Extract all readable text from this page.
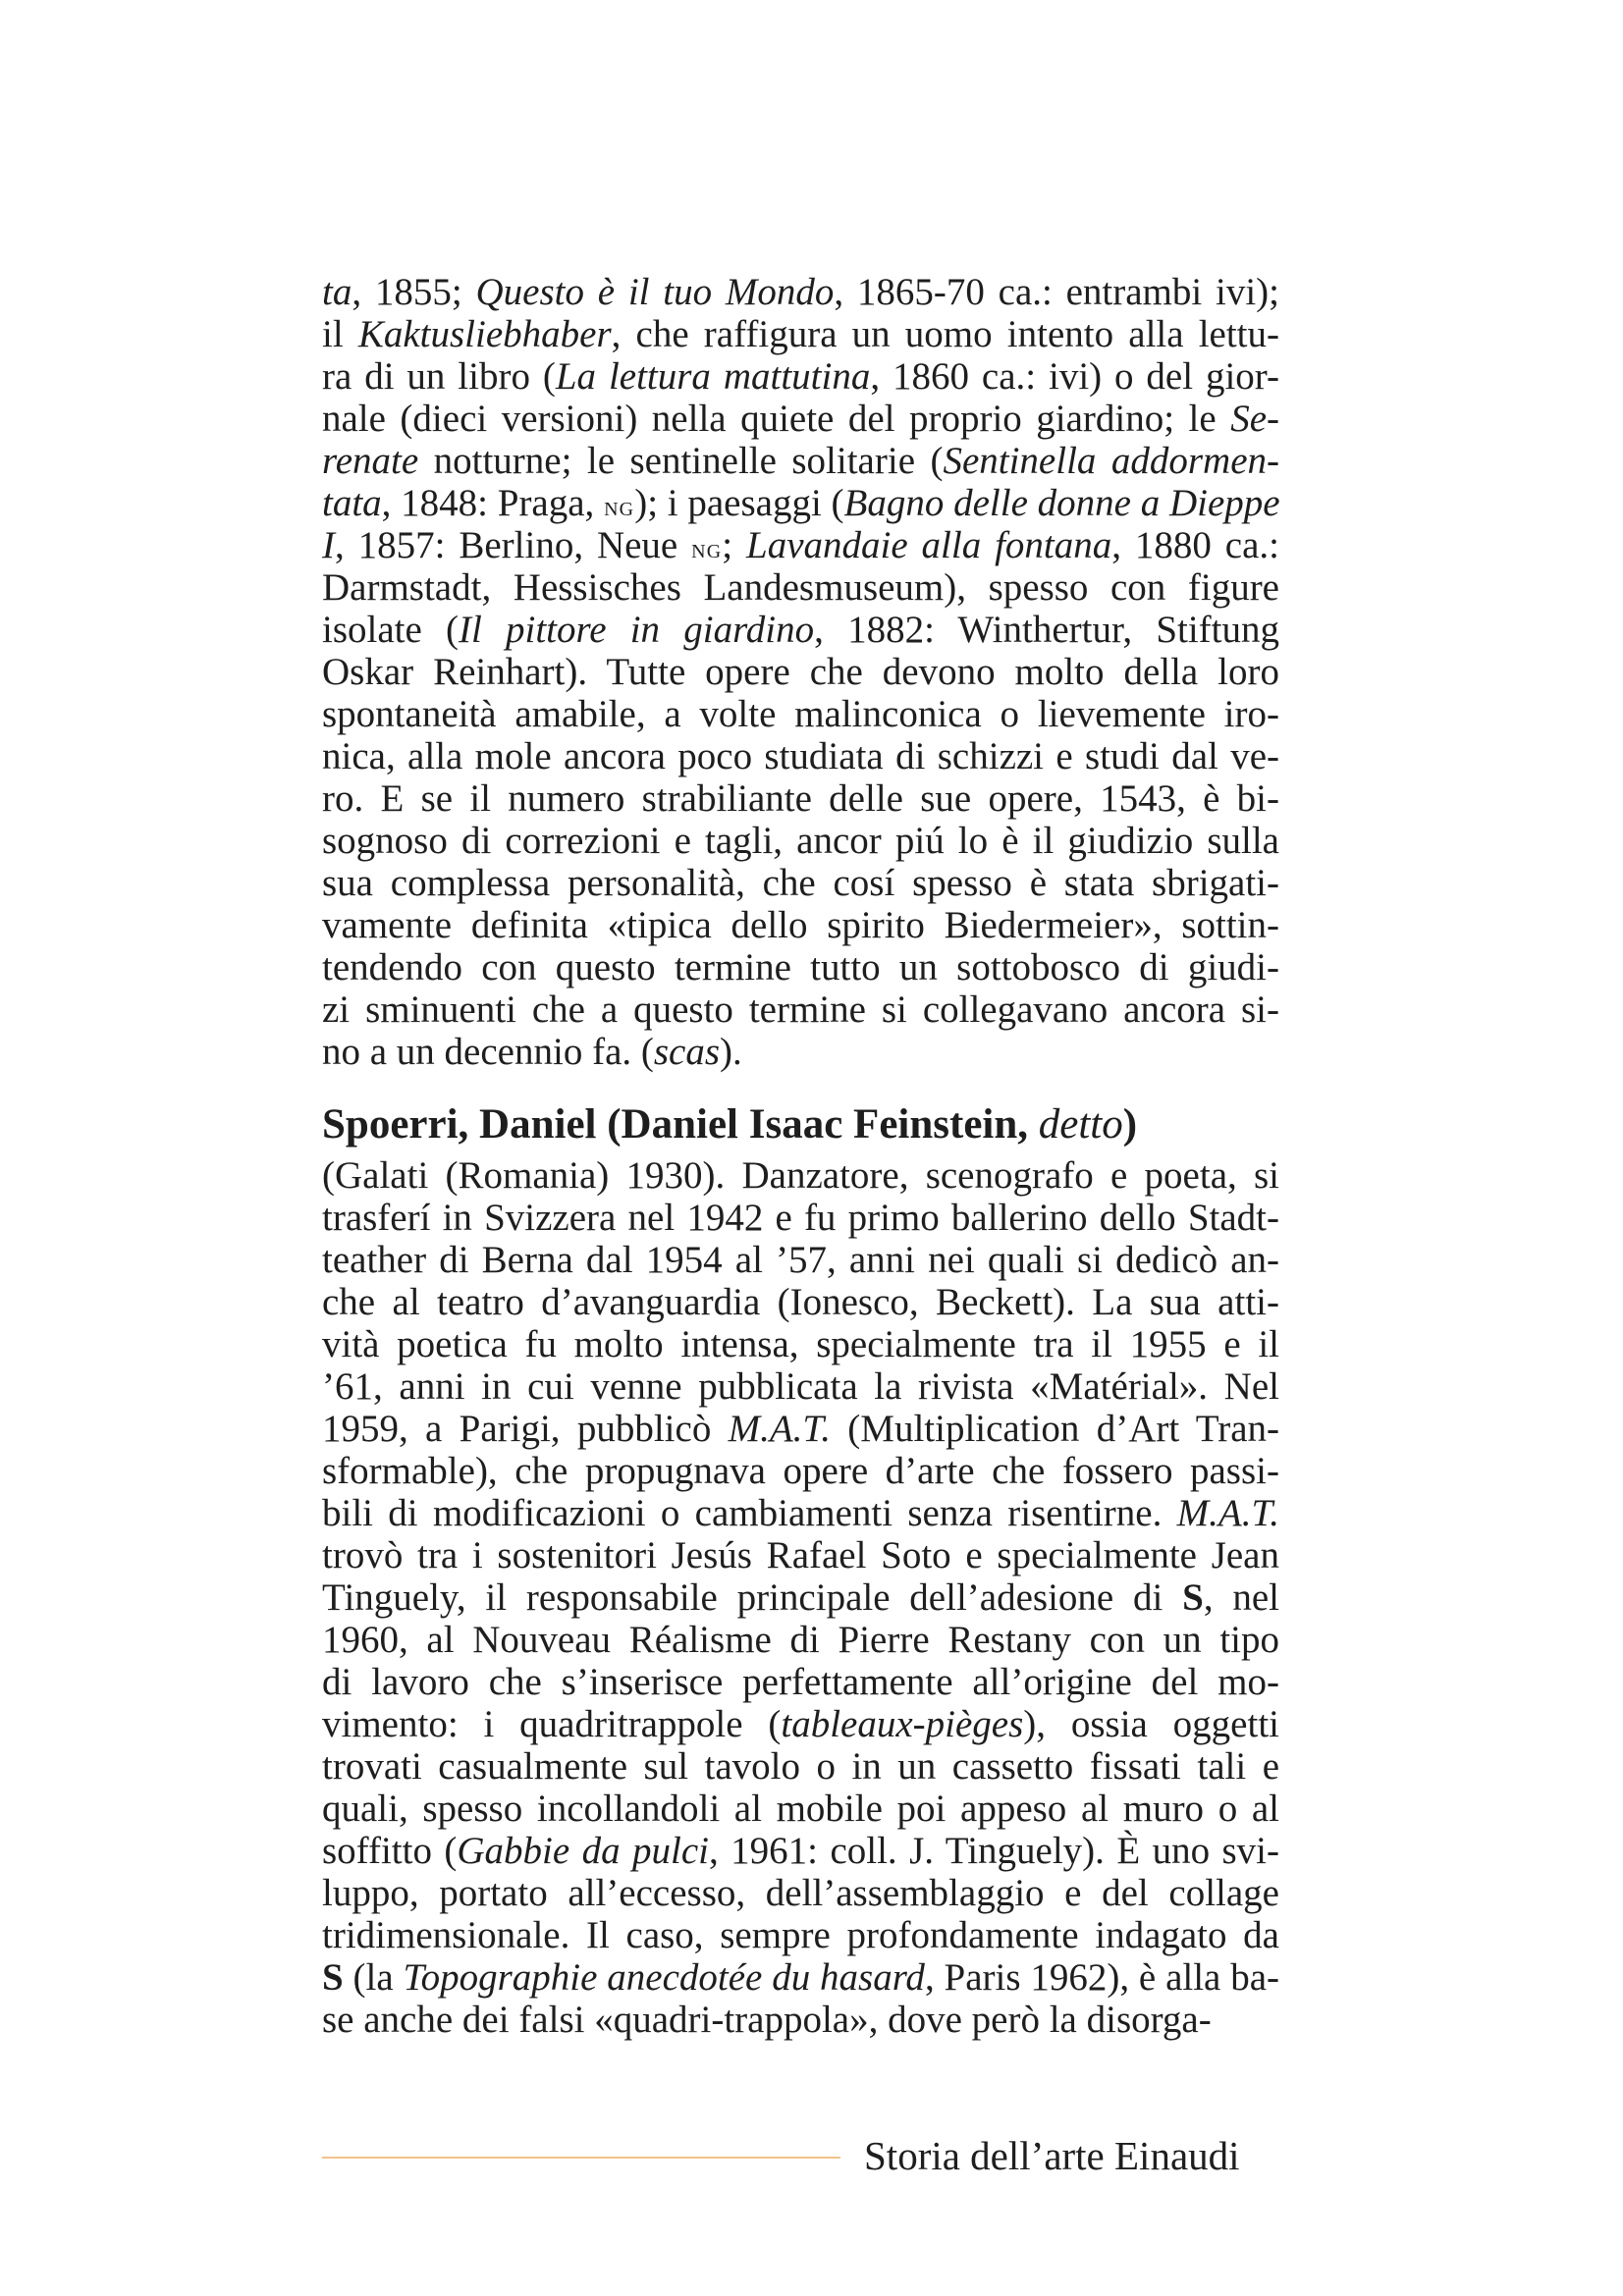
ta, 1855; Questo è il tuo Mondo, 1865-70 ca.: entrambi ivi);
il Kaktusliebhaber, che raffigura un uomo intento alla lettu-
ra di un libro (La lettura mattutina, 1860 ca.: ivi) o del gior-
nale (dieci versioni) nella quiete del proprio giardino; le Se-
renate notturne; le sentinelle solitarie (Sentinella addormen-
tata, 1848: Praga, ng); i paesaggi (Bagno delle donne a Dieppe
I, 1857: Berlino, Neue ng; Lavandaie alla fontana, 1880 ca.:
Darmstadt, Hessisches Landesmuseum), spesso con figure
isolate (Il pittore in giardino, 1882: Winthertur, Stiftung
Oskar Reinhart). Tutte opere che devono molto della loro
spontaneità amabile, a volte malinconica o lievemente iro-
nica, alla mole ancora poco studiata di schizzi e studi dal ve-
ro. E se il numero strabiliante delle sue opere, 1543, è bi-
sognoso di correzioni e tagli, ancor piú lo è il giudizio sulla
sua complessa personalità, che cosí spesso è stata sbrigati-
vamente definita «tipica dello spirito Biedermeier», sottin-
tendendo con questo termine tutto un sottobosco di giudi-
zi sminuenti che a questo termine si collegavano ancora si-
no a un decennio fa. (scas).
Spoerri, Daniel (Daniel Isaac Feinstein, detto)
(Galati (Romania) 1930). Danzatore, scenografo e poeta, si
trasferí in Svizzera nel 1942 e fu primo ballerino dello Stadt-
teather di Berna dal 1954 al ’57, anni nei quali si dedicò an-
che al teatro d’avanguardia (Ionesco, Beckett). La sua atti-
vità poetica fu molto intensa, specialmente tra il 1955 e il
’61, anni in cui venne pubblicata la rivista «Matérial». Nel
1959, a Parigi, pubblicò M.A.T. (Multiplication d’Art Tran-
sformable), che propugnava opere d’arte che fossero passi-
bili di modificazioni o cambiamenti senza risentirne. M.A.T.
trovò tra i sostenitori Jesús Rafael Soto e specialmente Jean
Tinguely, il responsabile principale dell’adesione di S, nel
1960, al Nouveau Réalisme di Pierre Restany con un tipo
di lavoro che s’inserisce perfettamente all’origine del mo-
vimento: i quadritrappole (tableaux-pièges), ossia oggetti
trovati casualmente sul tavolo o in un cassetto fissati tali e
quali, spesso incollandoli al mobile poi appeso al muro o al
soffitto (Gabbie da pulci, 1961: coll. J. Tinguely). È uno svi-
luppo, portato all’eccesso, dell’assemblaggio e del collage
tridimensionale. Il caso, sempre profondamente indagato da
S (la Topographie anecdotée du hasard, Paris 1962), è alla ba-
se anche dei falsi «quadri-trappola», dove però la disorga-
Storia dell’arte Einaudi
